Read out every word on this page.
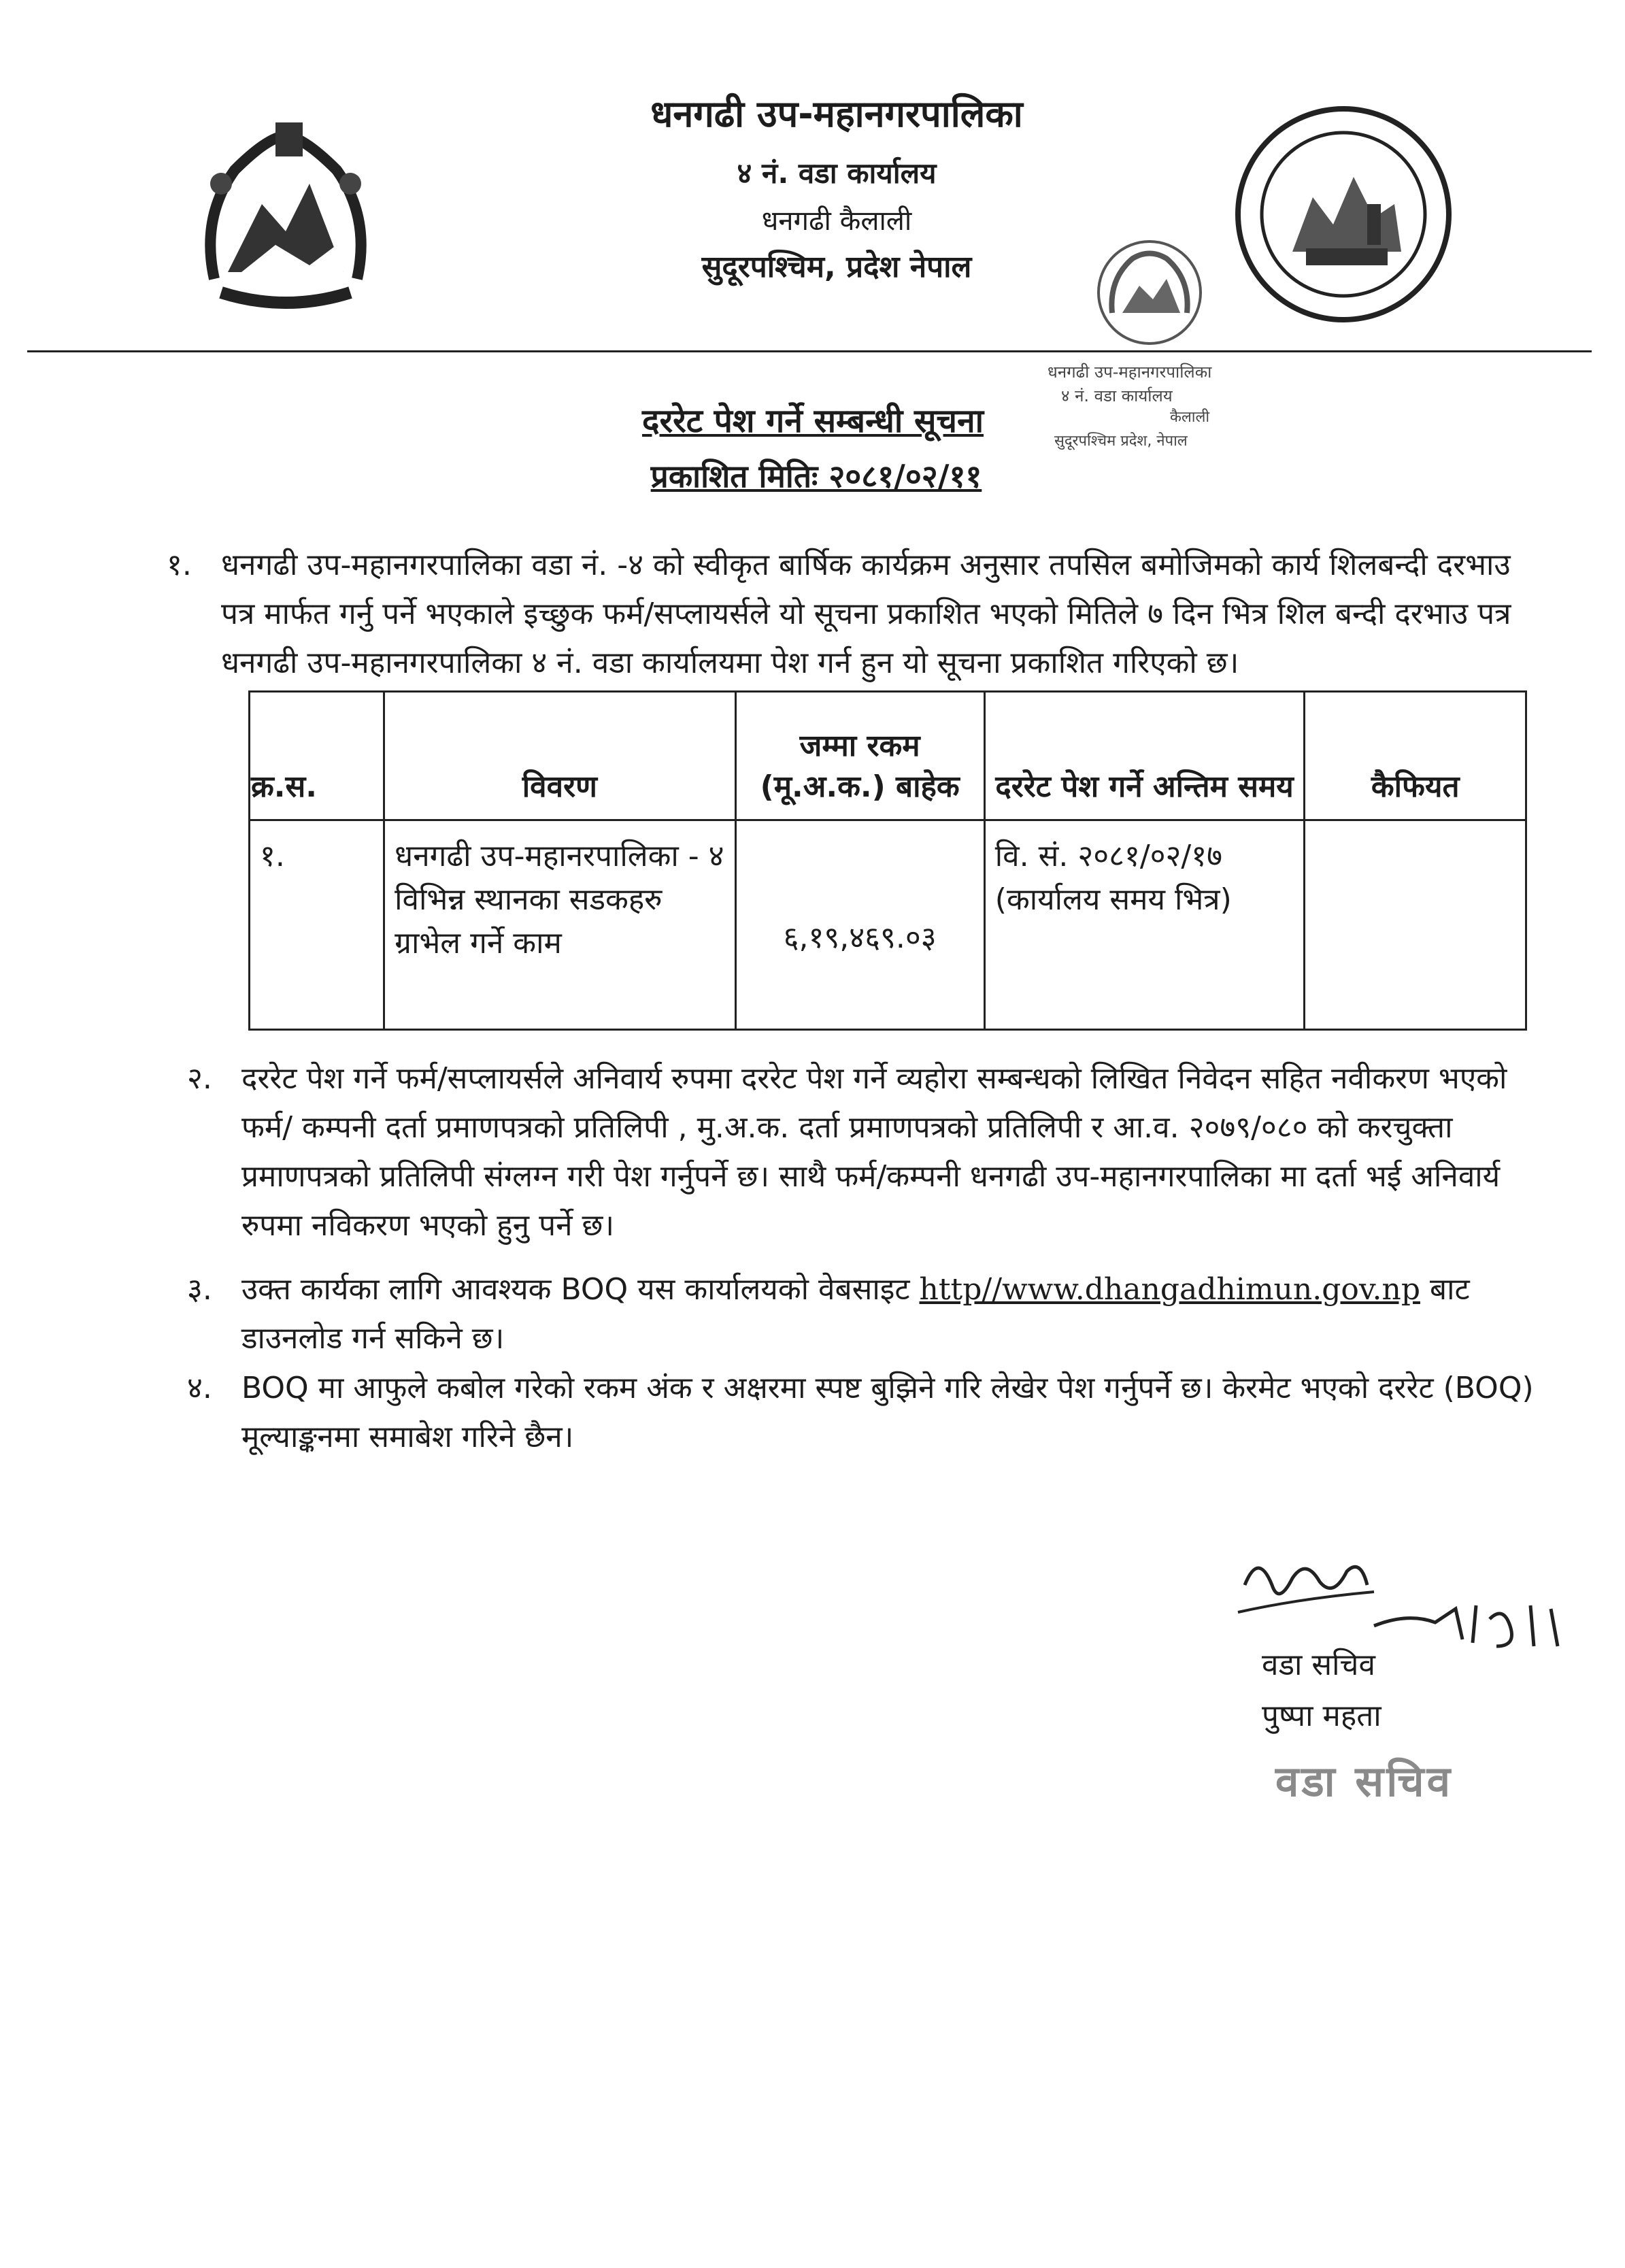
धनगढी उप-महानगरपालिका
४ नं. वडा कार्यालय
धनगढी कैलाली
सुदूरपश्चिम, प्रदेश नेपाल
धनगढी उप-महानगरपालिका
४ नं. वडा कार्यालय
कैलाली
सुदूरपश्चिम प्रदेश, नेपाल
दररेट पेश गर्ने सम्बन्धी सूचना
प्रकाशित मितिः २०८१/०२/११
१. धनगढी उप-महानगरपालिका वडा नं. -४ को स्वीकृत बार्षिक कार्यक्रम अनुसार तपसिल बमोजिमको कार्य शिलबन्दी दरभाउ पत्र मार्फत गर्नु पर्ने भएकाले इच्छुक फर्म/सप्लायर्सले यो सूचना प्रकाशित भएको मितिले ७ दिन भित्र शिल बन्दी दरभाउ पत्र धनगढी उप-महानगरपालिका ४ नं. वडा कार्यालयमा पेश गर्न हुन यो सूचना प्रकाशित गरिएको छ।
क्र.स.	विवरण	जम्मा रकम (मू.अ.क.) बाहेक	दररेट पेश गर्ने अन्तिम समय	कैफियत
१.	धनगढी उप-महानरपालिका - ४ विभिन्न स्थानका सडकहरु ग्राभेल गर्ने काम	६,१९,४६९.०३	वि. सं. २०८१/०२/१७ (कार्यालय समय भित्र)	
२. दररेट पेश गर्ने फर्म/सप्लायर्सले अनिवार्य रुपमा दररेट पेश गर्ने व्यहोरा सम्बन्धको लिखित निवेदन सहित नवीकरण भएको फर्म/ कम्पनी दर्ता प्रमाणपत्रको प्रतिलिपी , मु.अ.क. दर्ता प्रमाणपत्रको प्रतिलिपी र आ.व. २०७९/०८० को करचुक्ता प्रमाणपत्रको प्रतिलिपी संग्लग्न गरी पेश गर्नुपर्ने छ। साथै फर्म/कम्पनी धनगढी उप-महानगरपालिका मा दर्ता भई अनिवार्य रुपमा नविकरण भएको हुनु पर्ने छ।
३. उक्त कार्यका लागि आवश्यक BOQ यस कार्यालयको वेबसाइट http//www.dhangadhimun.gov.np बाट डाउनलोड गर्न सकिने छ।
४. BOQ मा आफुले कबोल गरेको रकम अंक र अक्षरमा स्पष्ट बुझिने गरि लेखेर पेश गर्नुपर्ने छ। केरमेट भएको दररेट (BOQ) मूल्याङ्कनमा समाबेश गरिने छैन।
वडा सचिव
पुष्पा महता
वडा सचिव
